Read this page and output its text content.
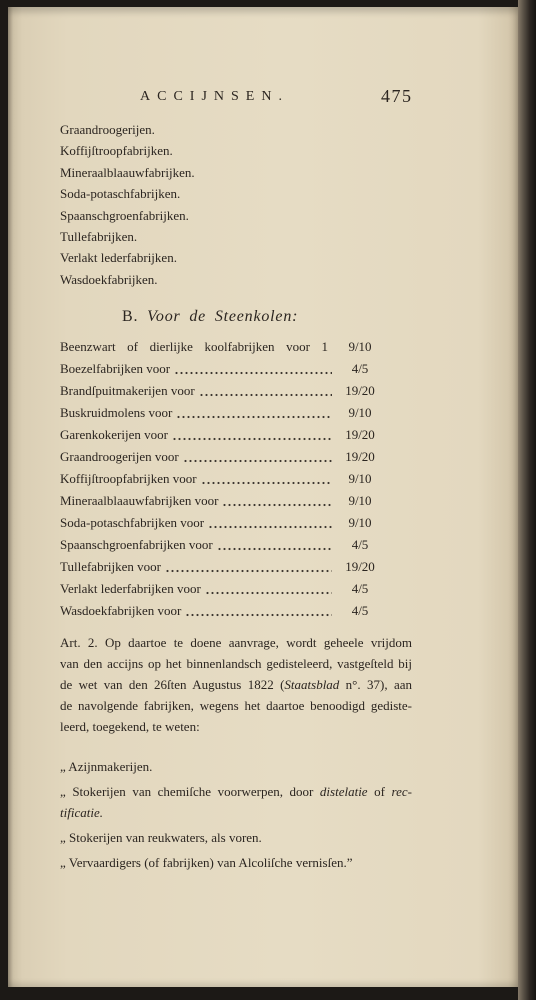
ACCIJNSEN.	475
Graandroogerijen.
Koffijſtroopfabrijken.
Mineraalblaauwfabrijken.
Soda-potaschfabrijken.
Spaanschgroenfabrijken.
Tullefabrijken.
Verlakt lederfabrijken.
Wasdoekfabrijken.
B. Voor de Steenkolen:
Beenzwart of dierlijke koolfabrijken voor 1	9/10
Boezelfabrijken voor	4/5
Brandſpuitmakerijen voor	19/20
Buskruidmolens voor	9/10
Garenkokerijen voor	19/20
Graandroogerijen voor	19/20
Koffijſtroopfabrijken voor	9/10
Mineraalblaauwfabrijken voor	9/10
Soda-potaschfabrijken voor	9/10
Spaanschgroenfabrijken voor	4/5
Tullefabrijken voor	19/20
Verlakt lederfabrijken voor	4/5
Wasdoekfabrijken voor	4/5
Art. 2. Op daartoe te doene aanvrage, wordt geheele vrijdom
van den accijns op het binnenlandsch gedisteleerd, vastgeſteld bij
de wet van den 26ſten Augustus 1822 (Staatsblad n°. 37), aan
de navolgende fabrijken, wegens het daartoe benoodigd gediste-
leerd, toegekend, te weten:
„ Azijnmakerijen.
„ Stokerijen van chemiſche voorwerpen, door distelatie of rec-
tificatie.
„ Stokerijen van reukwaters, als voren.
„ Vervaardigers (of fabrijken) van Alcoliſche vernisſen.”
